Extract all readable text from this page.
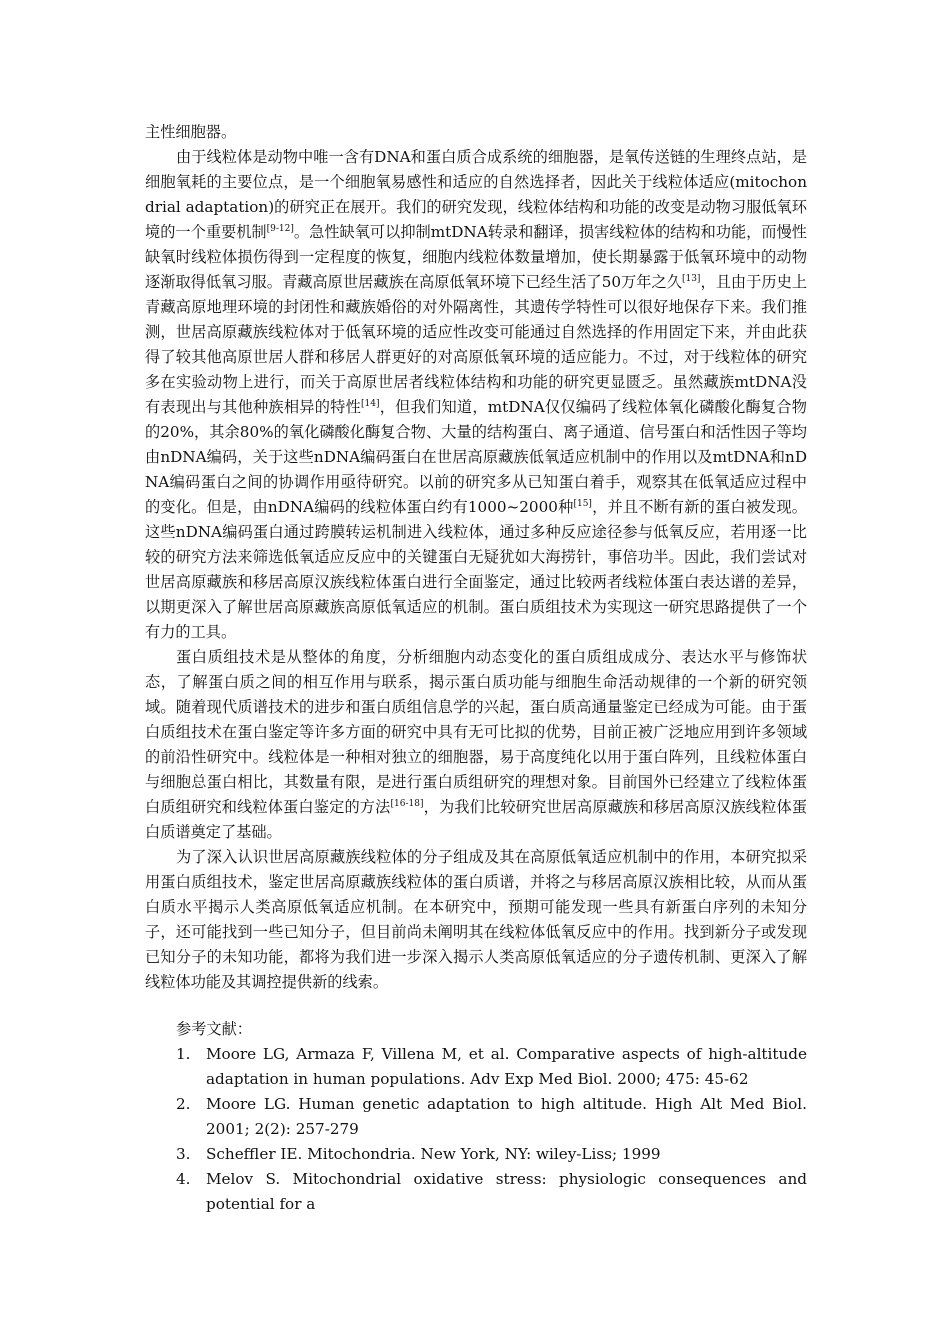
主性细胞器。

由于线粒体是动物中唯一含有DNA和蛋白质合成系统的细胞器，是氧传送链的生理终点站，是细胞氧耗的主要位点，是一个细胞氧易感性和适应的自然选择者，因此关于线粒体适应(mitochondrial adaptation)的研究正在展开。我们的研究发现，线粒体结构和功能的改变是动物习服低氧环境的一个重要机制[9-12]。急性缺氧可以抑制mtDNA转录和翻译，损害线粒体的结构和功能，而慢性缺氧时线粒体损伤得到一定程度的恢复，细胞内线粒体数量增加，使长期暴露于低氧环境中的动物逐渐取得低氧习服。青藏高原世居藏族在高原低氧环境下已经生活了50万年之久[13]，且由于历史上青藏高原地理环境的封闭性和藏族婚俗的对外隔离性，其遗传学特性可以很好地保存下来。我们推测，世居高原藏族线粒体对于低氧环境的适应性改变可能通过自然选择的作用固定下来，并由此获得了较其他高原世居人群和移居人群更好的对高原低氧环境的适应能力。不过，对于线粒体的研究多在实验动物上进行，而关于高原世居者线粒体结构和功能的研究更显匮乏。虽然藏族mtDNA没有表现出与其他种族相异的特性[14]，但我们知道，mtDNA仅仅编码了线粒体氧化磷酸化酶复合物的20%，其余80%的氧化磷酸化酶复合物、大量的结构蛋白、离子通道、信号蛋白和活性因子等均由nDNA编码，关于这些nDNA编码蛋白在世居高原藏族低氧适应机制中的作用以及mtDNA和nDNA编码蛋白之间的协调作用亟待研究。以前的研究多从已知蛋白着手，观察其在低氧适应过程中的变化。但是，由nDNA编码的线粒体蛋白约有1000~2000种[15]，并且不断有新的蛋白被发现。这些nDNA编码蛋白通过跨膜转运机制进入线粒体，通过多种反应途径参与低氧反应，若用逐一比较的研究方法来筛选低氧适应反应中的关键蛋白无疑犹如大海捞针，事倍功半。因此，我们尝试对世居高原藏族和移居高原汉族线粒体蛋白进行全面鉴定，通过比较两者线粒体蛋白表达谱的差异，以期更深入了解世居高原藏族高原低氧适应的机制。蛋白质组技术为实现这一研究思路提供了一个有力的工具。

蛋白质组技术是从整体的角度，分析细胞内动态变化的蛋白质组成成分、表达水平与修饰状态，了解蛋白质之间的相互作用与联系，揭示蛋白质功能与细胞生命活动规律的一个新的研究领域。随着现代质谱技术的进步和蛋白质组信息学的兴起，蛋白质高通量鉴定已经成为可能。由于蛋白质组技术在蛋白鉴定等许多方面的研究中具有无可比拟的优势，目前正被广泛地应用到许多领域的前沿性研究中。线粒体是一种相对独立的细胞器，易于高度纯化以用于蛋白阵列，且线粒体蛋白与细胞总蛋白相比，其数量有限，是进行蛋白质组研究的理想对象。目前国外已经建立了线粒体蛋白质组研究和线粒体蛋白鉴定的方法[16-18]，为我们比较研究世居高原藏族和移居高原汉族线粒体蛋白质谱奠定了基础。

为了深入认识世居高原藏族线粒体的分子组成及其在高原低氧适应机制中的作用，本研究拟采用蛋白质组技术，鉴定世居高原藏族线粒体的蛋白质谱，并将之与移居高原汉族相比较，从而从蛋白质水平揭示人类高原低氧适应机制。在本研究中，预期可能发现一些具有新蛋白序列的未知分子，还可能找到一些已知分子，但目前尚未阐明其在线粒体低氧反应中的作用。找到新分子或发现已知分子的未知功能，都将为我们进一步深入揭示人类高原低氧适应的分子遗传机制、更深入了解线粒体功能及其调控提供新的线索。

参考文献：
1. Moore LG, Armaza F, Villena M, et al. Comparative aspects of high-altitude adaptation in human populations. Adv Exp Med Biol. 2000; 475: 45-62
2. Moore LG. Human genetic adaptation to high altitude. High Alt Med Biol. 2001; 2(2): 257-279
3. Scheffler IE. Mitochondria. New York, NY: wiley-Liss; 1999
4. Melov S. Mitochondrial oxidative stress: physiologic consequences and potential for a
